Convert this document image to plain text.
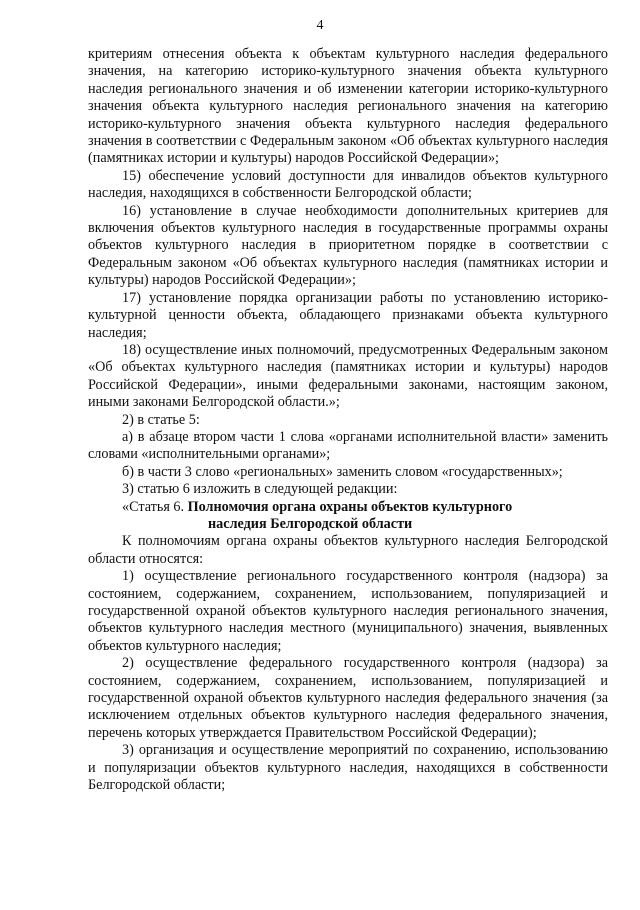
4

критериям отнесения объекта к объектам культурного наследия федерального значения, на категорию историко-культурного значения объекта культурного наследия регионального значения и об изменении категории историко-культурного значения объекта культурного наследия регионального значения на категорию историко-культурного значения объекта культурного наследия федерального значения в соответствии с Федеральным законом «Об объектах культурного наследия (памятниках истории и культуры) народов Российской Федерации»;

15) обеспечение условий доступности для инвалидов объектов культурного наследия, находящихся в собственности Белгородской области;

16) установление в случае необходимости дополнительных критериев для включения объектов культурного наследия в государственные программы охраны объектов культурного наследия в приоритетном порядке в соответствии с Федеральным законом «Об объектах культурного наследия (памятниках истории и культуры) народов Российской Федерации»;

17) установление порядка организации работы по установлению историко-культурной ценности объекта, обладающего признаками объекта культурного наследия;

18) осуществление иных полномочий, предусмотренных Федеральным законом «Об объектах культурного наследия (памятниках истории и культуры) народов Российской Федерации», иными федеральными законами, настоящим законом, иными законами Белгородской области.»;

2) в статье 5:

а) в абзаце втором части 1 слова «органами исполнительной власти» заменить словами «исполнительными органами»;

б) в части 3 слово «региональных» заменить словом «государственных»;

3) статью 6 изложить в следующей редакции:

«Статья 6. Полномочия органа охраны объектов культурного
наследия Белгородской области

К полномочиям органа охраны объектов культурного наследия Белгородской области относятся:

1) осуществление регионального государственного контроля (надзора) за состоянием, содержанием, сохранением, использованием, популяризацией и государственной охраной объектов культурного наследия регионального значения, объектов культурного наследия местного (муниципального) значения, выявленных объектов культурного наследия;

2) осуществление федерального государственного контроля (надзора) за состоянием, содержанием, сохранением, использованием, популяризацией и государственной охраной объектов культурного наследия федерального значения (за исключением отдельных объектов культурного наследия федерального значения, перечень которых утверждается Правительством Российской Федерации);

3) организация и осуществление мероприятий по сохранению, использованию и популяризации объектов культурного наследия, находящихся в собственности Белгородской области;
